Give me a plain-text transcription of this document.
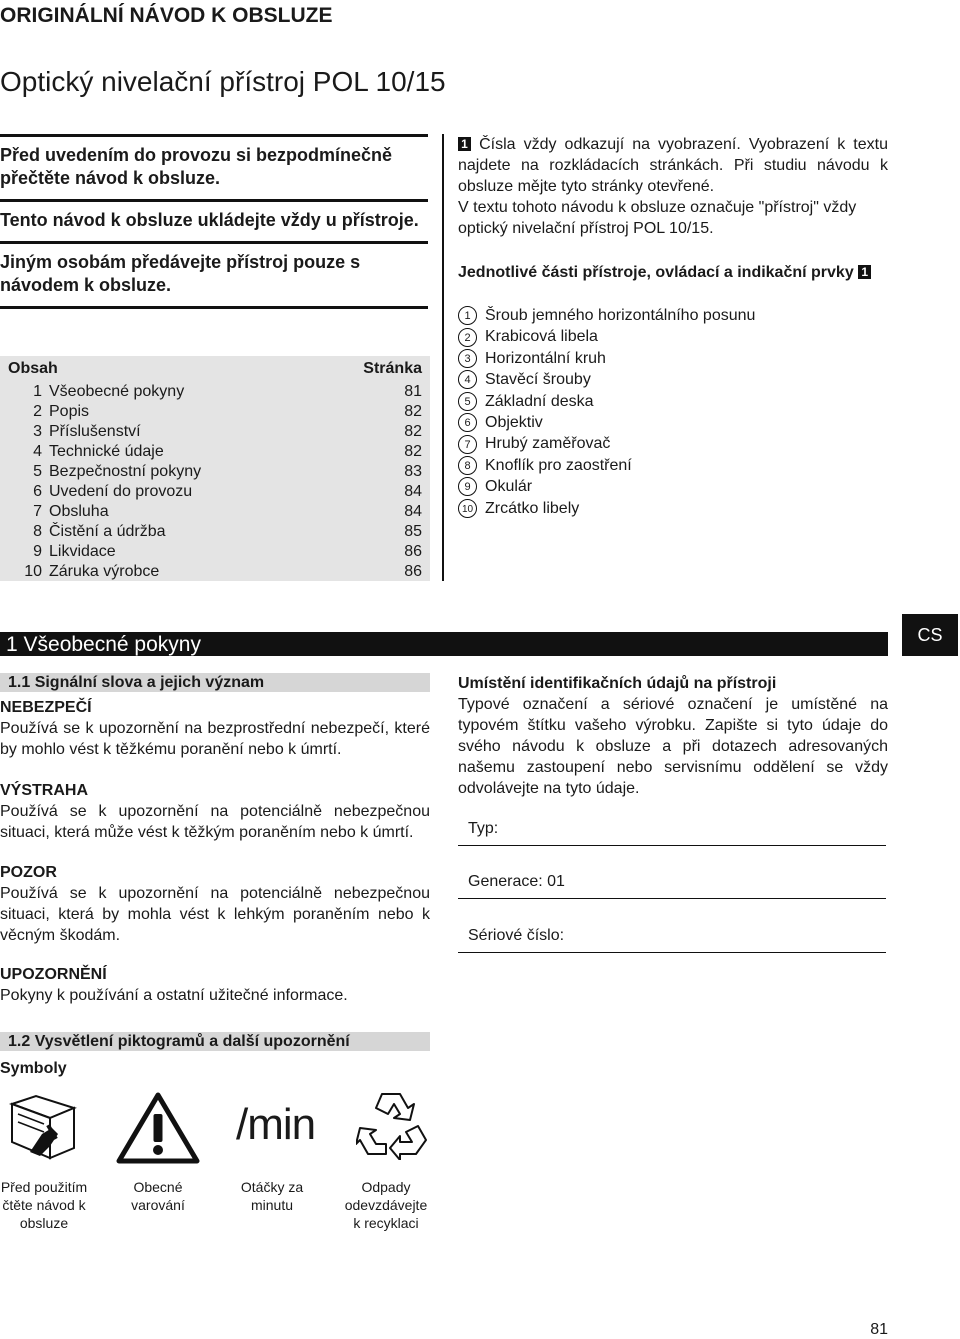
ORIGINÁLNÍ NÁVOD K OBSLUZE
Optický nivelační přístroj POL 10/15

Před uvedením do provozu si bezpodmínečně přečtěte návod k obsluze.

Tento návod k obsluze ukládejte vždy u přístroje.

Jiným osobám předávejte přístroj pouze s návodem k obsluze.

Obsah	Stránka
1 Všeobecné pokyny	81
2 Popis	82
3 Příslušenství	82
4 Technické údaje	82
5 Bezpečnostní pokyny	83
6 Uvedení do provozu	84
7 Obsluha	84
8 Čistění a údržba	85
9 Likvidace	86
10 Záruka výrobce	86
1 Čísla vždy odkazují na vyobrazení. Vyobrazení k textu najdete na rozkládacích stránkách. Při studiu návodu k obsluze mějte tyto stránky otevřené.
V textu tohoto návodu k obsluze označuje "přístroj" vždy optický nivelační přístroj POL 10/15.
Jednotlivé části přístroje, ovládací a indikační prvky 1
1 Šroub jemného horizontálního posunu
2 Krabicová libela
3 Horizontální kruh
4 Stavěcí šrouby
5 Základní deska
6 Objektiv
7 Hrubý zaměřovač
8 Knoflík pro zaostření
9 Okulár
10 Zrcátko libely
1 Všeobecné pokyny	CS
1.1 Signální slova a jejich význam
NEBEZPEČÍ
Používá se k upozornění na bezprostřední nebezpečí, které by mohlo vést k těžkému poranění nebo k úmrtí.
VÝSTRAHA
Používá se k upozornění na potenciálně nebezpečnou situaci, která může vést k těžkým poraněním nebo k úmrtí.
POZOR
Používá se k upozornění na potenciálně nebezpečnou situaci, která by mohla vést k lehkým poraněním nebo k věcným škodám.
UPOZORNĚNÍ
Pokyny k používání a ostatní užitečné informace.
1.2 Vysvětlení piktogramů a další upozornění
Symboly
/min
Před použitím čtěte návod k obsluze
Obecné varování
Otáčky za minutu
Odpady odevzdávejte k recyklaci
Umístění identifikačních údajů na přístroji
Typové označení a sériové označení je umístěné na typovém štítku vašeho výrobku. Zapište si tyto údaje do svého návodu k obsluze a při dotazech adresovaných našemu zastoupení nebo servisnímu oddělení se vždy odvolávejte na tyto údaje.
Typ:
Generace: 01
Sériové číslo:
81
